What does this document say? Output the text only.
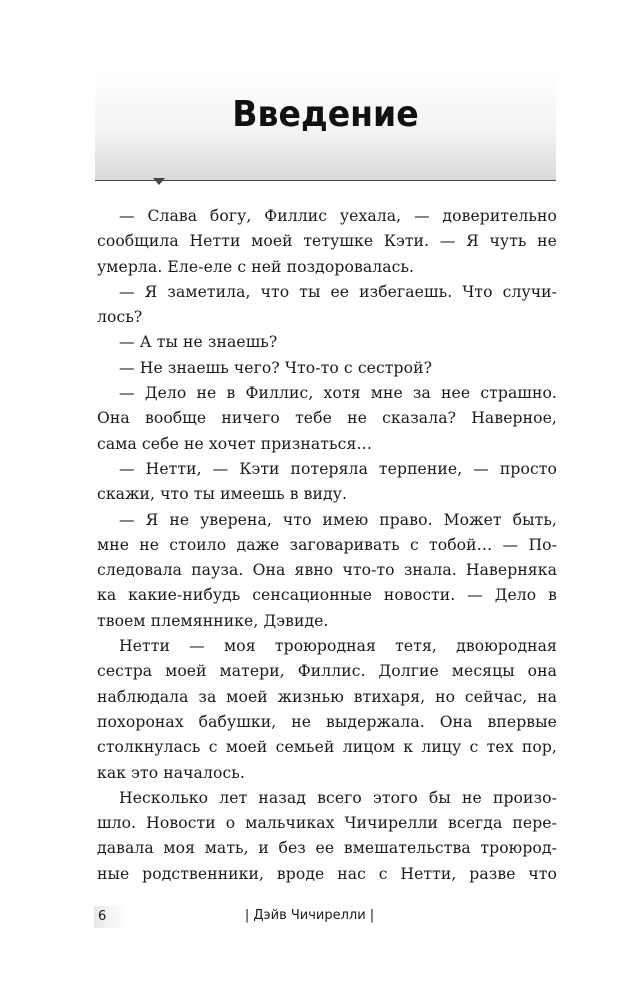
Введение
— Слава богу, Филлис уехала, — доверительно
сообщила Нетти моей тетушке Кэти. — Я чуть не
умерла. Еле-еле с ней поздоровалась.
— Я заметила, что ты ее избегаешь. Что случи-
лось?
— А ты не знаешь?
— Не знаешь чего? Что-то с сестрой?
— Дело не в Филлис, хотя мне за нее страшно.
Она вообще ничего тебе не сказала? Наверное,
сама себе не хочет признаться…
— Нетти, — Кэти потеряла терпение, — просто
скажи, что ты имеешь в виду.
— Я не уверена, что имею право. Может быть,
мне не стоило даже заговаривать с тобой… — По-
следовала пауза. Она явно что-то знала. Навернякa
ка какие-нибудь сенсационные новости. — Дело в
твоем племяннике, Дэвиде.
Нетти — моя троюродная тетя, двоюродная
сестра моей матери, Филлис. Долгие месяцы она
наблюдала за моей жизнью втихаря, но сейчас, на
похоронах бабушки, не выдержала. Она впервые
столкнулась с моей семьей лицом к лицу с тех пор,
как это началось.
Несколько лет назад всего этого бы не произо-
шло. Новости о мальчиках Чичирелли всегда пере-
давала моя мать, и без ее вмешательства троюрод-
ные родственники, вроде нас с Нетти, разве что
6	| Дэйв Чичирелли |
